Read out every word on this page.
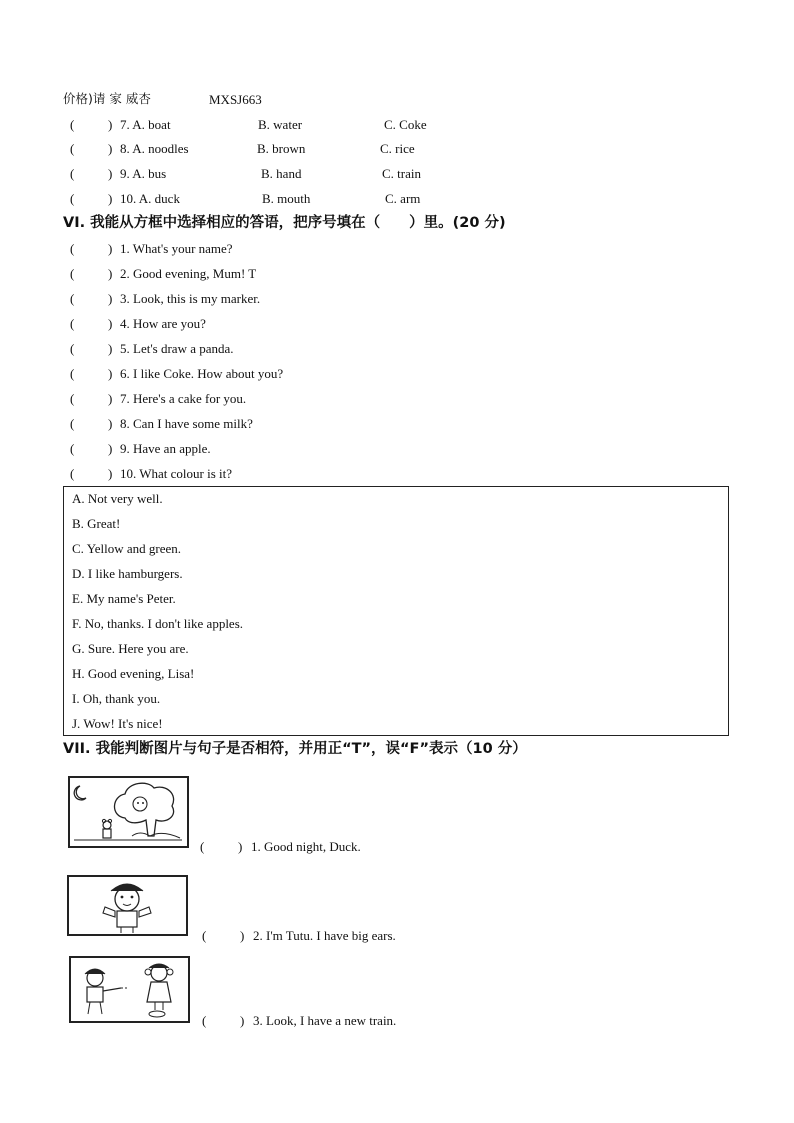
价格)请 家 威杏	MXSJ663
(	) 7. A. boat	B. water	C. Coke
(	) 8. A. noodles	B. brown	C. rice
(	) 9. A. bus	B. hand	C. train
(	) 10. A. duck	B. mouth	C. arm
VI. 我能从方框中选择相应的答语，把序号填在（　　）里。(20 分)
(	) 1. What's your name?
(	) 2. Good evening, Mum! T
(	) 3. Look, this is my marker.
(	) 4. How are you?
(	) 5. Let's draw a panda.
(	) 6. I like Coke. How about you?
(	) 7. Here's a cake for you.
(	) 8. Can I have some milk?
(	) 9. Have an apple.
(	) 10. What colour is it?
A. Not very well.
B. Great!
C. Yellow and green.
D. I like hamburgers.
E. My name's Peter.
F. No, thanks. I don't like apples.
G. Sure. Here you are.
H. Good evening, Lisa!
I. Oh, thank you.
J. Wow! It's nice!
VII. 我能判断图片与句子是否相符，并用正“T”，误“F”表示（10 分）
(	) 1. Good night, Duck.
(	) 2. I'm Tutu. I have big ears.
(	) 3. Look, I have a new train.
